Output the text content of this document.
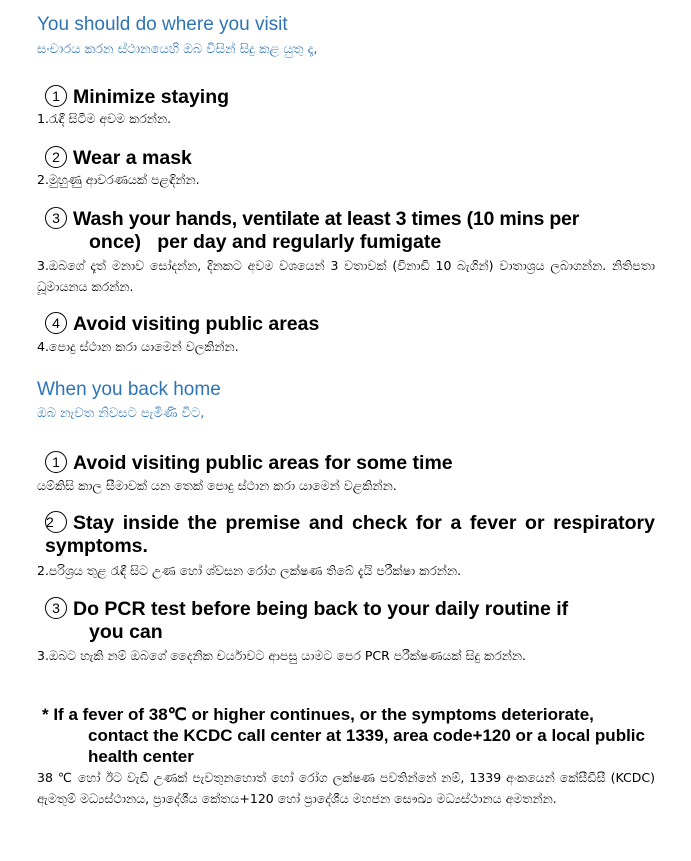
You should do where you visit
සංචාරය කරන ස්ථානයෙහි ඔබ විසින් සිදු කළ යුතු දෑ,
1 Minimize staying
1.රැඳී සිටීම අවම කරන්න.
2 Wear a mask
2.මුහුණු ආවරණයක් පළඳින්න.
3 Wash your hands, ventilate at least 3 times (10 mins per
once)   per day and regularly fumigate
3.ඔබගේ දෑත් මනාව සෝදන්න, දිනකට අවම වශයෙන් 3 වතාවක් (විනාඩි 10 බැගින්) වාතාශ්‍රය ලබාගන්න. නිතිපතා ධූමායනය කරන්න.
4 Avoid visiting public areas
4.පොදු ස්ථාන කරා යාමෙන් වලකින්න.
When you back home
ඔබ නැවත නිවසට පැමිණි විට,
1 Avoid visiting public areas for some time
යම්කිසි කාල සීමාවක් යන තෙක් පොදු ස්ථාන කරා යාමෙන් වළකින්න.
2 Stay inside the premise and check for a fever or respiratory symptoms.
2.පරිශ්‍රය තුළ රැඳී සිට උණ හෝ ශ්වසන රෝග ලක්ෂණ තිබේ දැයි පරීක්ෂා කරන්න.
3 Do PCR test before being back to your daily routine if
you can
3.ඔබට හැකි නම් ඔබගේ දෛනික චර්යාවට ආපසු යාමට පෙර PCR පරීක්ෂණයක් සිදු කරන්න.
* If a fever of 38℃ or higher continues, or the symptoms deteriorate,
contact the KCDC call center at 1339, area code+120 or a local public health center
38 ℃ හෝ ඊට වැඩි උණක් පැවතුනහොත් හෝ රෝග ලක්ෂණ පවතින්නේ නම්, 1339 අංකයෙන් කේසීඩීසී (KCDC) ඇමතුම් මධ්‍යස්ථානය, ප්‍රාදේශීය කේතය+120 හෝ ප්‍රාදේශීය මහජන සෞඛ්‍ය මධ්‍යස්ථානය අමතන්න.
